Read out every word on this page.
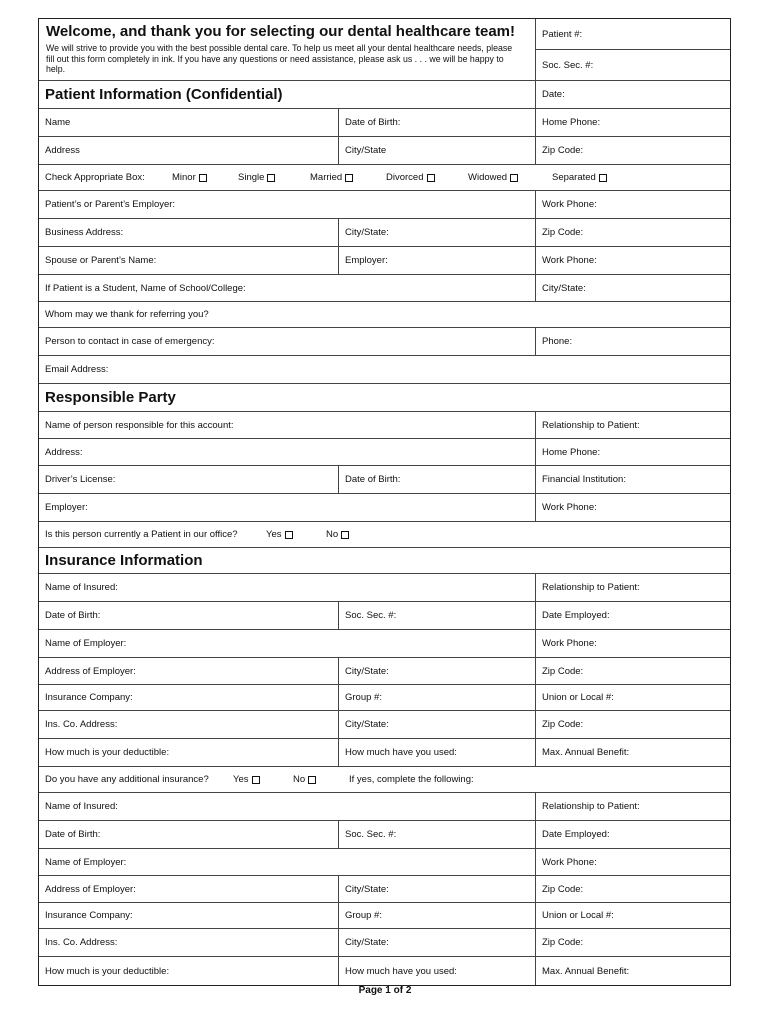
Welcome, and thank you for selecting our dental healthcare team!
We will strive to provide you with the best possible dental care. To help us meet all your dental healthcare needs, please fill out this form completely in ink. If you have any questions or need assistance, please ask us . . . we will be happy to help.
Patient #:
Soc. Sec. #:
Patient Information (Confidential)	Date:
Name	Date of Birth:	Home Phone:
Address	City/State	Zip Code:
Check Appropriate Box:	Minor	Single	Married	Divorced	Widowed	Separated
Patient’s or Parent’s Employer:	Work Phone:
Business Address:	City/State:	Zip Code:
Spouse or Parent’s Name:	Employer:	Work Phone:
If Patient is a Student, Name of School/College:	City/State:
Whom may we thank for referring you?
Person to contact in case of emergency:	Phone:
Email Address:
Responsible Party
Name of person responsible for this account:	Relationship to Patient:
Address:	Home Phone:
Driver’s License:	Date of Birth:	Financial Institution:
Employer:	Work Phone:
Is this person currently a Patient in our office?	Yes	No
Insurance Information
Name of Insured:	Relationship to Patient:
Date of Birth:	Soc. Sec. #:	Date Employed:
Name of Employer:	Work Phone:
Address of Employer:	City/State:	Zip Code:
Insurance Company:	Group #:	Union or Local #:
Ins. Co. Address:	City/State:	Zip Code:
How much is your deductible:	How much have you used:	Max. Annual Benefit:
Do you have any additional insurance?	Yes	No	If yes, complete the following:
Name of Insured:	Relationship to Patient:
Date of Birth:	Soc. Sec. #:	Date Employed:
Name of Employer:	Work Phone:
Address of Employer:	City/State:	Zip Code:
Insurance Company:	Group #:	Union or Local #:
Ins. Co. Address:	City/State:	Zip Code:
How much is your deductible:	How much have you used:	Max. Annual Benefit:
Page 1 of 2
